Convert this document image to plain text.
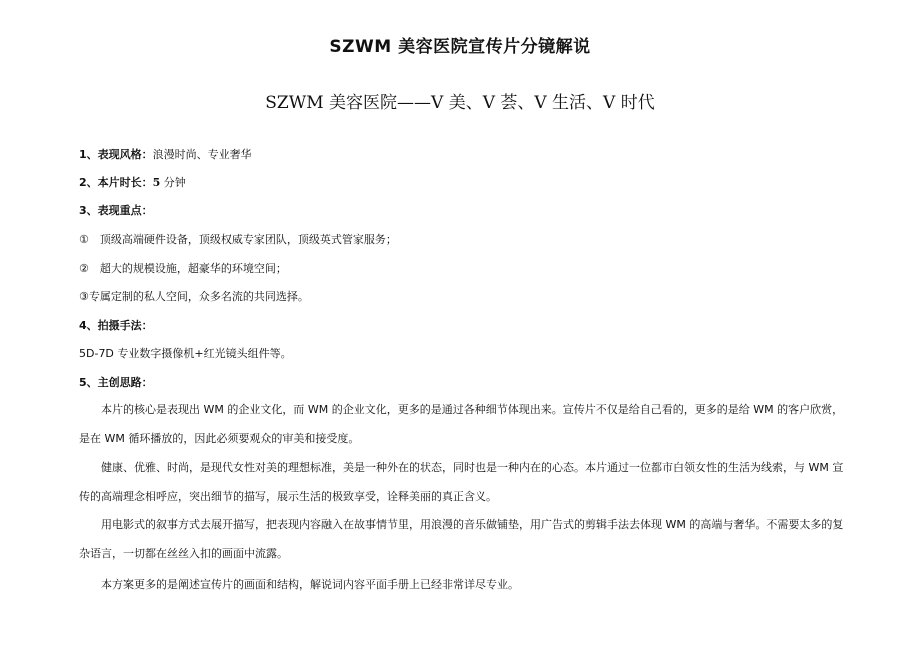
SZWM 美容医院宣传片分镜解说
SZWM 美容医院——V 美、V 荟、V 生活、V 时代
1、表现风格：浪漫时尚、专业奢华
2、本片时长：5 分钟
3、表现重点：
①　顶级高端硬件设备，顶级权威专家团队，顶级英式管家服务；
②　超大的规模设施，超豪华的环境空间；
③专属定制的私人空间，众多名流的共同选择。
4、拍摄手法：
5D-7D 专业数字摄像机+红光镜头组件等。
5、主创思路：
本片的核心是表现出 WM 的企业文化，而 WM 的企业文化，更多的是通过各种细节体现出来。宣传片不仅是给自己看的，更多的是给 WM 的客户欣赏，是在 WM 循环播放的，因此必须要观众的审美和接受度。
健康、优雅、时尚，是现代女性对美的理想标准，美是一种外在的状态，同时也是一种内在的心态。本片通过一位都市白领女性的生活为线索，与 WM 宣传的高端理念相呼应，突出细节的描写，展示生活的极致享受，诠释美丽的真正含义。
用电影式的叙事方式去展开描写，把表现内容融入在故事情节里，用浪漫的音乐做铺垫，用广告式的剪辑手法去体现 WM 的高端与奢华。不需要太多的复杂语言，一切都在丝丝入扣的画面中流露。
本方案更多的是阐述宣传片的画面和结构，解说词内容平面手册上已经非常详尽专业。
